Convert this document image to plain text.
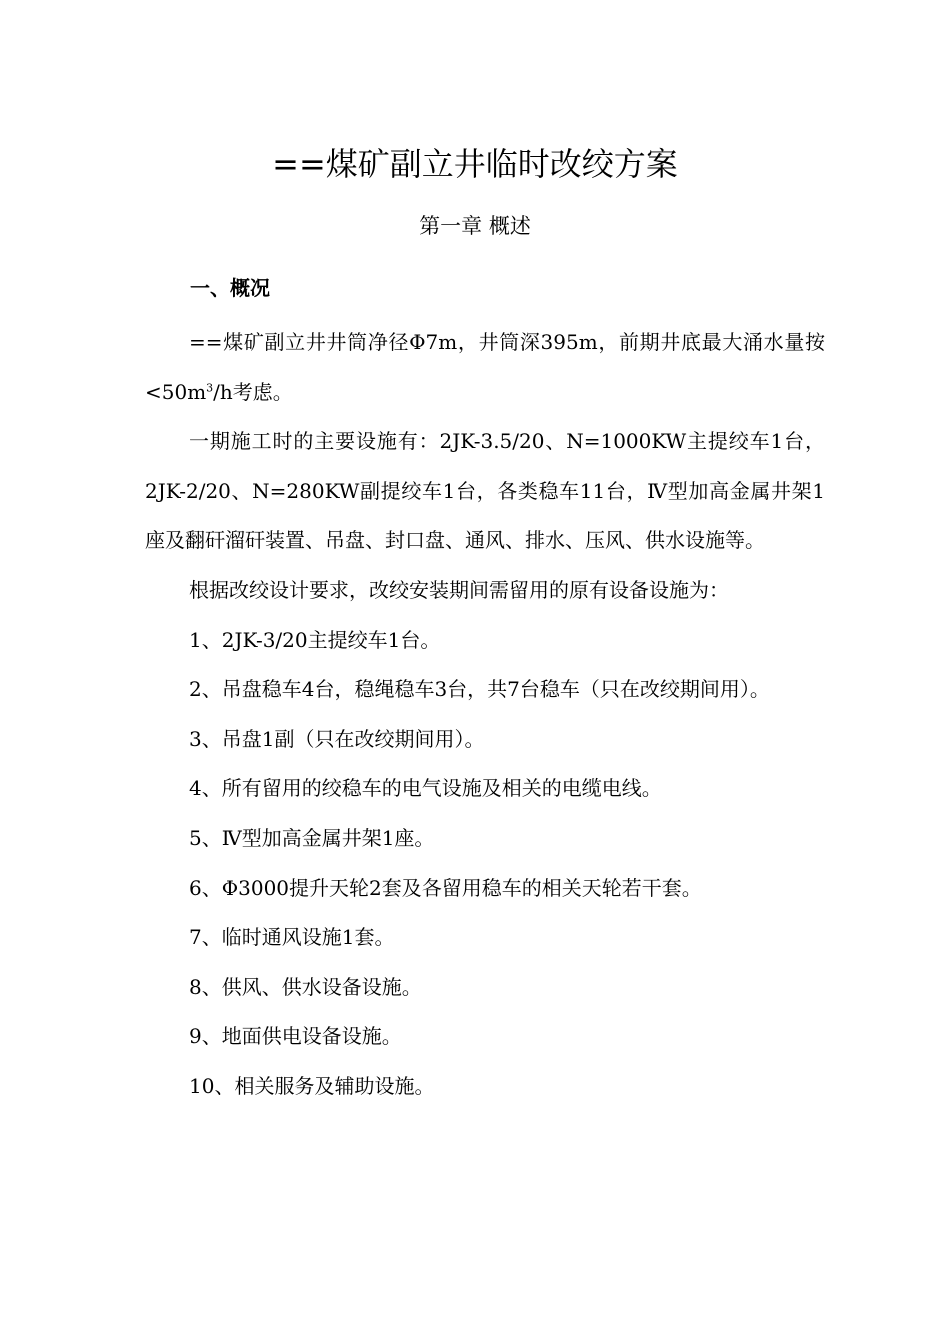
==煤矿副立井临时改绞方案
第一章 概述
一、概况

==煤矿副立井井筒净径Φ7m，井筒深395m，前期井底最大涌水量按$<50m^3/h$考虑。

一期施工时的主要设施有：2JK-3.5/20、N=1000KW主提绞车1台，2JK-2/20、N=280KW副提绞车1台，各类稳车11台，Ⅳ型加高金属井架1座及翻矸溜矸装置、吊盘、封口盘、通风、排水、压风、供水设施等。

根据改绞设计要求，改绞安装期间需留用的原有设备设施为：

1、2JK-3/20主提绞车1台。

2、吊盘稳车4台，稳绳稳车3台，共7台稳车（只在改绞期间用）。

3、吊盘1副（只在改绞期间用）。

4、所有留用的绞稳车的电气设施及相关的电缆电线。

5、Ⅳ型加高金属井架1座。

6、Φ3000提升天轮2套及各留用稳车的相关天轮若干套。

7、临时通风设施1套。

8、供风、供水设备设施。

9、地面供电设备设施。

10、相关服务及辅助设施。
